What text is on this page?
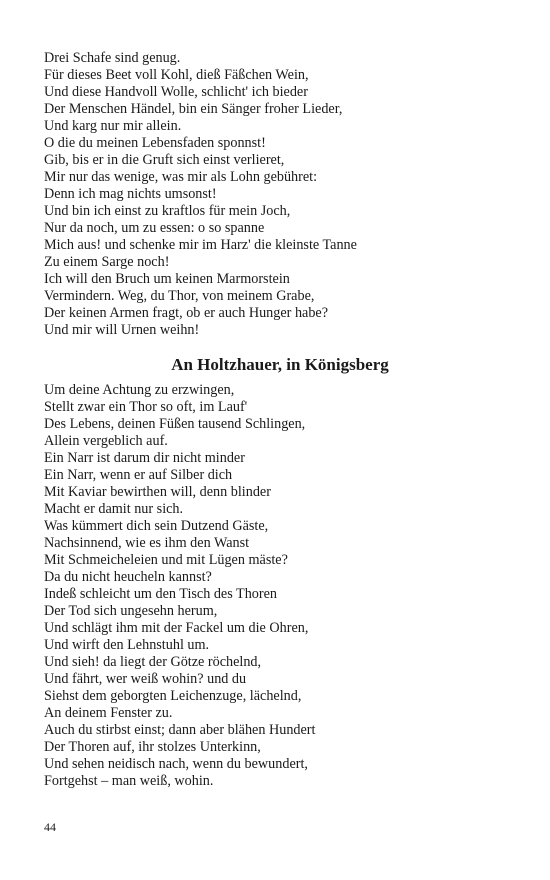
Drei Schafe sind genug.
Für dieses Beet voll Kohl, dieß Fäßchen Wein,
Und diese Handvoll Wolle, schlicht' ich bieder
Der Menschen Händel, bin ein Sänger froher Lieder,
Und karg nur mir allein.
O die du meinen Lebensfaden sponnst!
Gib, bis er in die Gruft sich einst verlieret,
Mir nur das wenige, was mir als Lohn gebühret:
Denn ich mag nichts umsonst!
Und bin ich einst zu kraftlos für mein Joch,
Nur da noch, um zu essen: o so spanne
Mich aus! und schenke mir im Harz' die kleinste Tanne
Zu einem Sarge noch!
Ich will den Bruch um keinen Marmorstein
Vermindern. Weg, du Thor, von meinem Grabe,
Der keinen Armen fragt, ob er auch Hunger habe?
Und mir will Urnen weihn!
An Holtzhauer, in Königsberg
Um deine Achtung zu erzwingen,
Stellt zwar ein Thor so oft, im Lauf'
Des Lebens, deinen Füßen tausend Schlingen,
Allein vergeblich auf.
Ein Narr ist darum dir nicht minder
Ein Narr, wenn er auf Silber dich
Mit Kaviar bewirthen will, denn blinder
Macht er damit nur sich.
Was kümmert dich sein Dutzend Gäste,
Nachsinnend, wie es ihm den Wanst
Mit Schmeicheleien und mit Lügen mäste?
Da du nicht heucheln kannst?
Indeß schleicht um den Tisch des Thoren
Der Tod sich ungesehn herum,
Und schlägt ihm mit der Fackel um die Ohren,
Und wirft den Lehnstuhl um.
Und sieh! da liegt der Götze röchelnd,
Und fährt, wer weiß wohin? und du
Siehst dem geborgten Leichenzuge, lächelnd,
An deinem Fenster zu.
Auch du stirbst einst; dann aber blähen Hundert
Der Thoren auf, ihr stolzes Unterkinn,
Und sehen neidisch nach, wenn du bewundert,
Fortgehst – man weiß, wohin.
44
